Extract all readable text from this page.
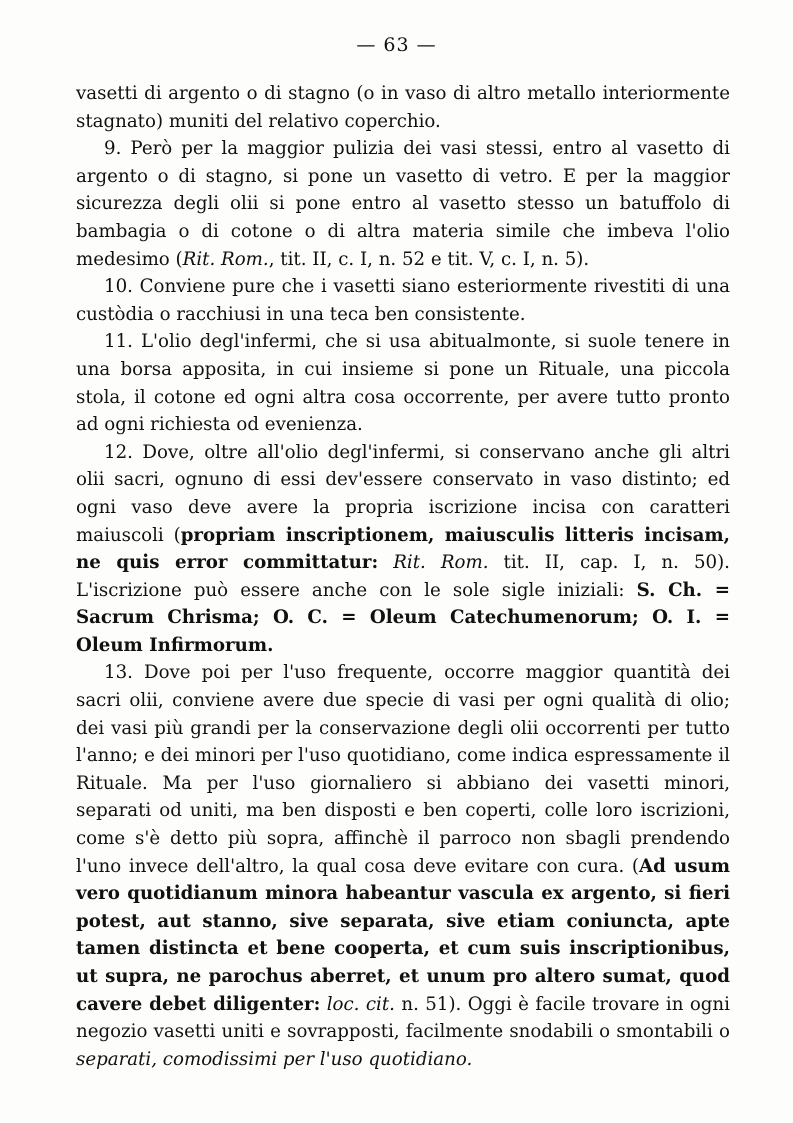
— 63 —

vasetti di argento o di stagno (o in vaso di altro metallo interiormente stagnato) muniti del relativo coperchio.

9. Però per la maggior pulizia dei vasi stessi, entro al vasetto di argento o di stagno, si pone un vasetto di vetro. E per la maggior sicurezza degli olii si pone entro al vasetto stesso un batuffolo di bambagia o di cotone o di altra materia simile che imbeva l'olio medesimo (Rit. Rom., tit. II, c. I, n. 52 e tit. V, c. I, n. 5).

10. Conviene pure che i vasetti siano esteriormente rivestiti di una custòdia o racchiusi in una teca ben consistente.

11. L'olio degl'infermi, che si usa abitualmonte, si suole tenere in una borsa apposita, in cui insieme si pone un Rituale, una piccola stola, il cotone ed ogni altra cosa occorrente, per avere tutto pronto ad ogni richiesta od evenienza.

12. Dove, oltre all'olio degl'infermi, si conservano anche gli altri olii sacri, ognuno di essi dev'essere conservato in vaso distinto; ed ogni vaso deve avere la propria iscrizione incisa con caratteri maiuscoli (propriam inscriptionem, maiusculis litteris incisam, ne quis error committatur: Rit. Rom. tit. II, cap. I, n. 50). L'iscrizione può essere anche con le sole sigle iniziali: S. Ch. = Sacrum Chrisma; O. C. = Oleum Catechumenorum; O. I. = Oleum Infirmorum.

13. Dove poi per l'uso frequente, occorre maggior quantità dei sacri olii, conviene avere due specie di vasi per ogni qualità di olio; dei vasi più grandi per la conservazione degli olii occorrenti per tutto l'anno; e dei minori per l'uso quotidiano, come indica espressamente il Rituale. Ma per l'uso giornaliero si abbiano dei vasetti minori, separati od uniti, ma ben disposti e ben coperti, colle loro iscrizioni, come s'è detto più sopra, affinchè il parroco non sbagli prendendo l'uno invece dell'altro, la qual cosa deve evitare con cura. (Ad usum vero quotidianum minora habeantur vascula ex argento, si fieri potest, aut stanno, sive separata, sive etiam coniuncta, apte tamen distincta et bene cooperta, et cum suis inscriptionibus, ut supra, ne parochus aberret, et unum pro altero sumat, quod cavere debet diligenter: loc. cit. n. 51). Oggi è facile trovare in ogni negozio vasetti uniti e sovrapposti, facilmente snodabili o smontabili o separati, comodissimi per l'uso quotidiano.
